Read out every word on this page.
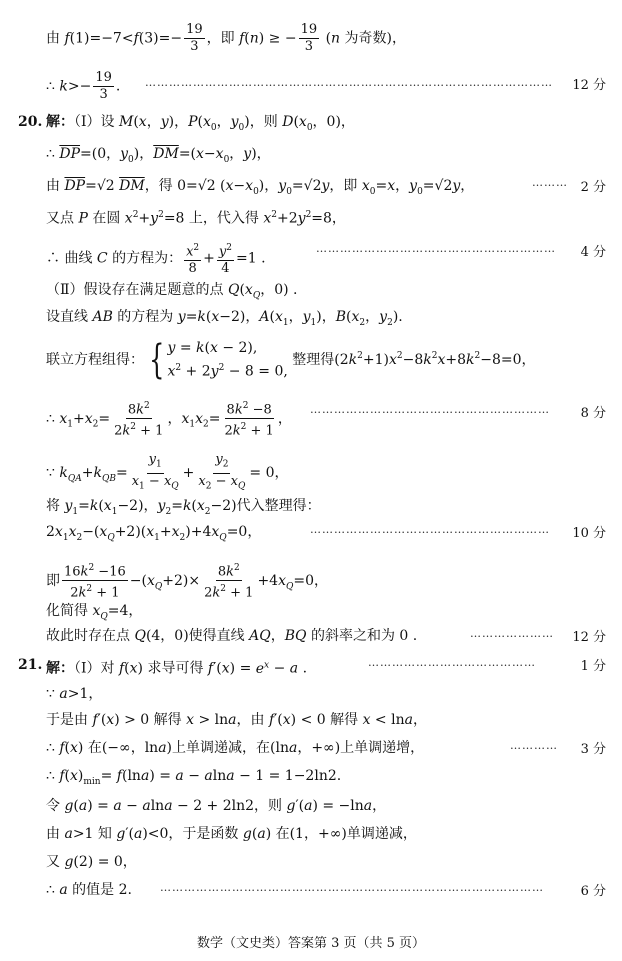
由 $f(1)=-7<f(3)=- \frac{19}{3}$ ，即 f(n) ≥ − $\frac{19}{3} (n$ 为奇数)，
∴ $k>- \frac{19}{3}$ . …………………………………………………………………………………………	12 分
20. 解：（Ⅰ）设 M(x，y)，$P(x_0$，$y_0$)，则 $D(x_0$，0)，
∴ $\overline{DP}=(0$，$y_0$)，$\overline{DM}=(x-x_0$，y)，
由 $\overline{DP}=√2$ $\overline{DM}$，得 0=√2 $(x-x_0)$，$y_0=√2y$，即 $x_0=x$，$y_0=√2y$，	……… 2 分
又点 P 在圆 $x^2+y^2=8$ 上，代入得 $x^2+2y^2=8$，
∴ 曲线 C 的方程为： $\frac{x^2}{8} + \frac{y^2}{4} =1$ .
……………………………………………………	4 分
（Ⅱ）假设存在满足题意的点 $Q(x_Q$，0) .
设直线 AB 的方程为 y=k(x−2)，$A(x_1$，$y_1$)，$B(x_2$，$y_2$).
联立方程组得： { y = k(x − 2),
$x^2 + 2y^2 - 8 = 0$,
整理得$(2k^2+1)x^2-8k^2x+8k^2-8=0$，
∴ $x_1+x_2= \frac{8k^2}{2k^2 + 1}$ ，$x_1x_2= \frac{8k^2 -8}{2k^2 + 1}$ ，
……………………………………………………	8 分
∵ $k_{QA}+k_{QB}= \frac{y_1}{x_1 - x_Q} + \frac{y_2}{x_2 - x_Q} = 0$，
将 $y_1=k(x_1-2)$，$y_2=k(x_2-2)$代入整理得：
$2x_1x_2-(x_Q+2)(x_1+x_2)+4x_Q=0$，	……………………………………………………	10 分
即 $\frac{16k^2 -16}{2k^2 + 1} -(x_Q+2)\times \frac{8k^2}{2k^2 + 1} +4x_Q=0$，
化简得 $x_Q=4$，
故此时存在点 Q(4，0)使得直线 AQ，BQ 的斜率之和为 0 .	…………………	12 分
21. 解：（Ⅰ）对 f(x) 求导可得 $f'(x) = e^x - a$ .	……………………………………	1 分
∵ a>1，
于是由 f′(x) > 0 解得 x > lna，由 f′(x) < 0 解得 x < lna，
∴ f(x) 在(−∞，lna)上单调递减，在(lna，+∞)上单调递增，	…………	3 分
∴ $f(x)_{min}= f(\ln a) = a - alna - 1 = 1-2\ln 2$.
令 g(a) = a − alna − 2 + 2ln2，则 g′(a) = −lna，
由 a>1 知 g′(a)<0，于是函数 g(a) 在(1，+∞)单调递减，
又 g(2) = 0，
∴ a 的值是 2.	……………………………………………………………………………………	6 分
数学（文史类）答案第 3 页（共 5 页）
